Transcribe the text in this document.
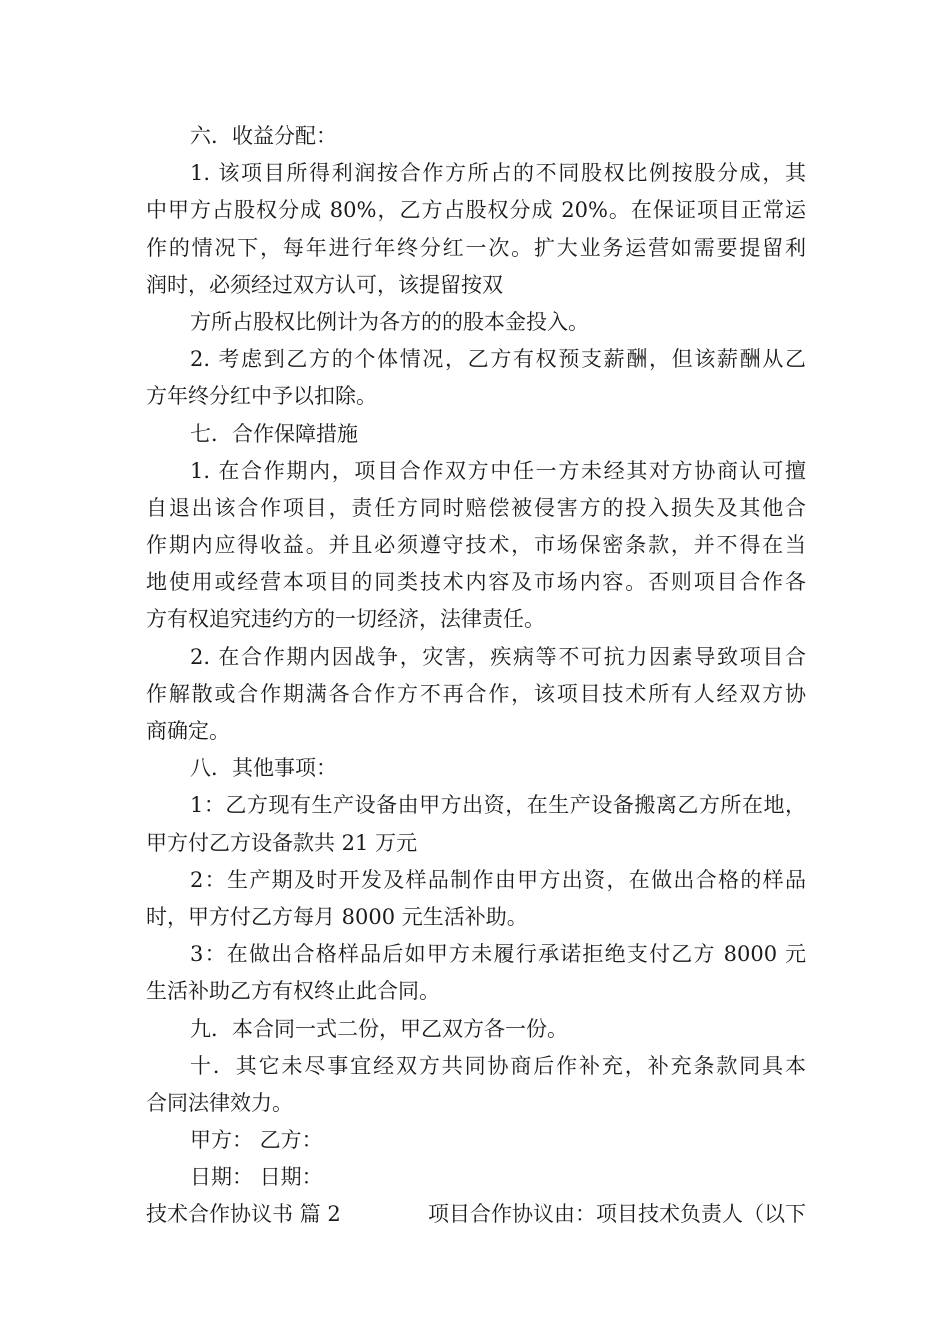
六．收益分配：
1. 该项目所得利润按合作方所占的不同股权比例按股分成，其
中甲方占股权分成 80%，乙方占股权分成 20%。在保证项目正常运
作的情况下，每年进行年终分红一次。扩大业务运营如需要提留利
润时，必须经过双方认可，该提留按双
方所占股权比例计为各方的的股本金投入。
2. 考虑到乙方的个体情况，乙方有权预支薪酬，但该薪酬从乙
方年终分红中予以扣除。
七．合作保障措施
1. 在合作期内，项目合作双方中任一方未经其对方协商认可擅
自退出该合作项目，责任方同时赔偿被侵害方的投入损失及其他合
作期内应得收益。并且必须遵守技术，市场保密条款，并不得在当
地使用或经营本项目的同类技术内容及市场内容。否则项目合作各
方有权追究违约方的一切经济，法律责任。
2. 在合作期内因战争，灾害，疾病等不可抗力因素导致项目合
作解散或合作期满各合作方不再合作，该项目技术所有人经双方协
商确定。
八．其他事项：
1：乙方现有生产设备由甲方出资，在生产设备搬离乙方所在地，
甲方付乙方设备款共 21 万元
2：生产期及时开发及样品制作由甲方出资，在做出合格的样品
时，甲方付乙方每月 8000 元生活补助。
3：在做出合格样品后如甲方未履行承诺拒绝支付乙方 8000 元
生活补助乙方有权终止此合同。
九．本合同一式二份，甲乙双方各一份。
十．其它未尽事宜经双方共同协商后作补充，补充条款同具本
合同法律效力。
甲方： 乙方：
日期： 日期：
技术合作协议书 篇 2	项目合作协议由：项目技术负责人（以下
